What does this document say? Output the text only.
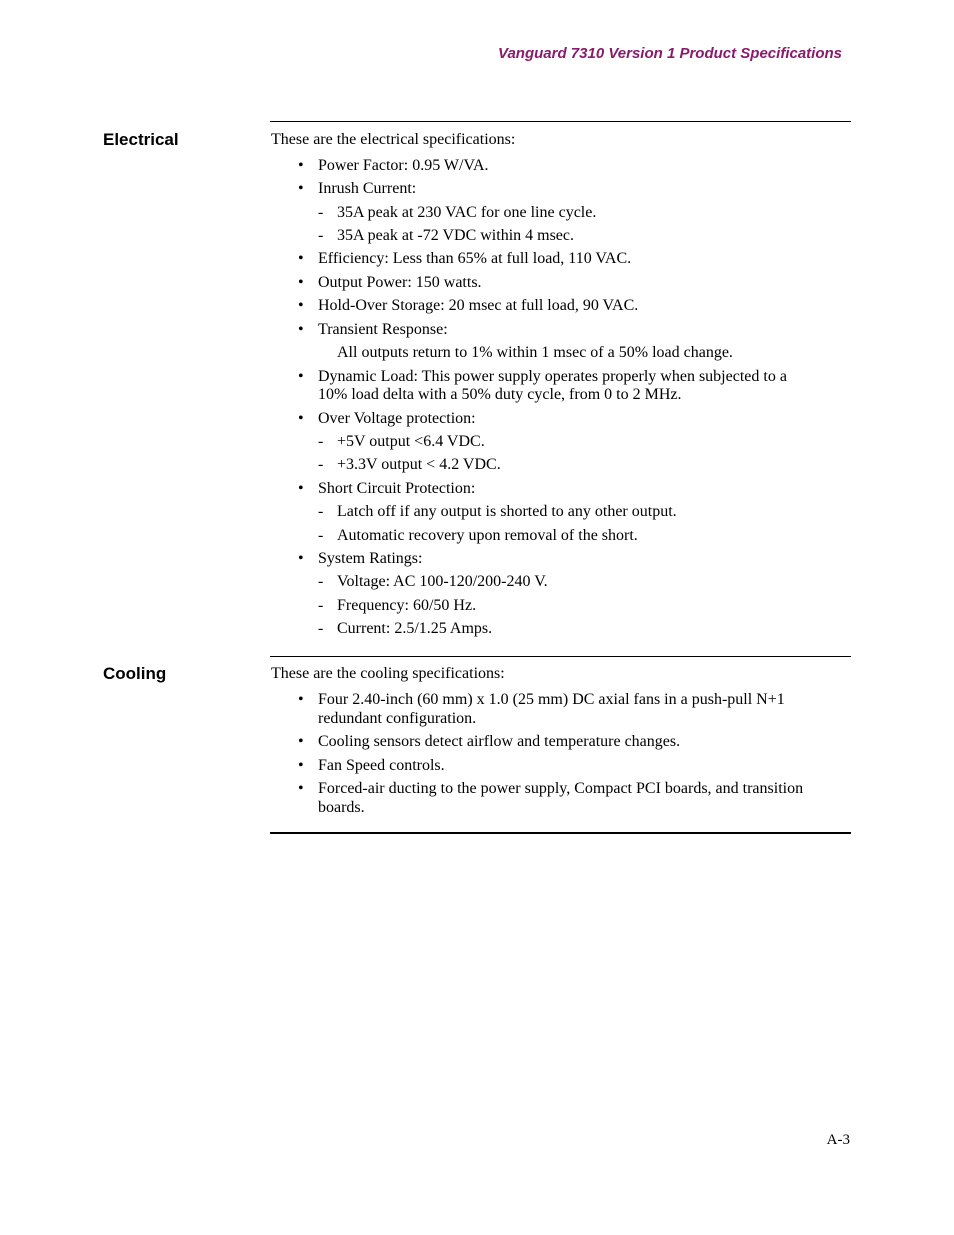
Vanguard 7310 Version 1 Product Specifications
Electrical	These are the electrical specifications:
• Power Factor: 0.95 W/VA.
• Inrush Current:
- 35A peak at 230 VAC for one line cycle.
- 35A peak at -72 VDC within 4 msec.
• Efficiency: Less than 65% at full load, 110 VAC.
• Output Power: 150 watts.
• Hold-Over Storage: 20 msec at full load, 90 VAC.
• Transient Response:
All outputs return to 1% within 1 msec of a 50% load change.
• Dynamic Load: This power supply operates properly when subjected to a
10% load delta with a 50% duty cycle, from 0 to 2 MHz.
• Over Voltage protection:
- +5V output <6.4 VDC.
- +3.3V output < 4.2 VDC.
• Short Circuit Protection:
- Latch off if any output is shorted to any other output.
- Automatic recovery upon removal of the short.
• System Ratings:
- Voltage: AC 100-120/200-240 V.
- Frequency: 60/50 Hz.
- Current: 2.5/1.25 Amps.
Cooling	These are the cooling specifications:
• Four 2.40-inch (60 mm) x 1.0 (25 mm) DC axial fans in a push-pull N+1
redundant configuration.
• Cooling sensors detect airflow and temperature changes.
• Fan Speed controls.
• Forced-air ducting to the power supply, Compact PCI boards, and transition
boards.
A-3
